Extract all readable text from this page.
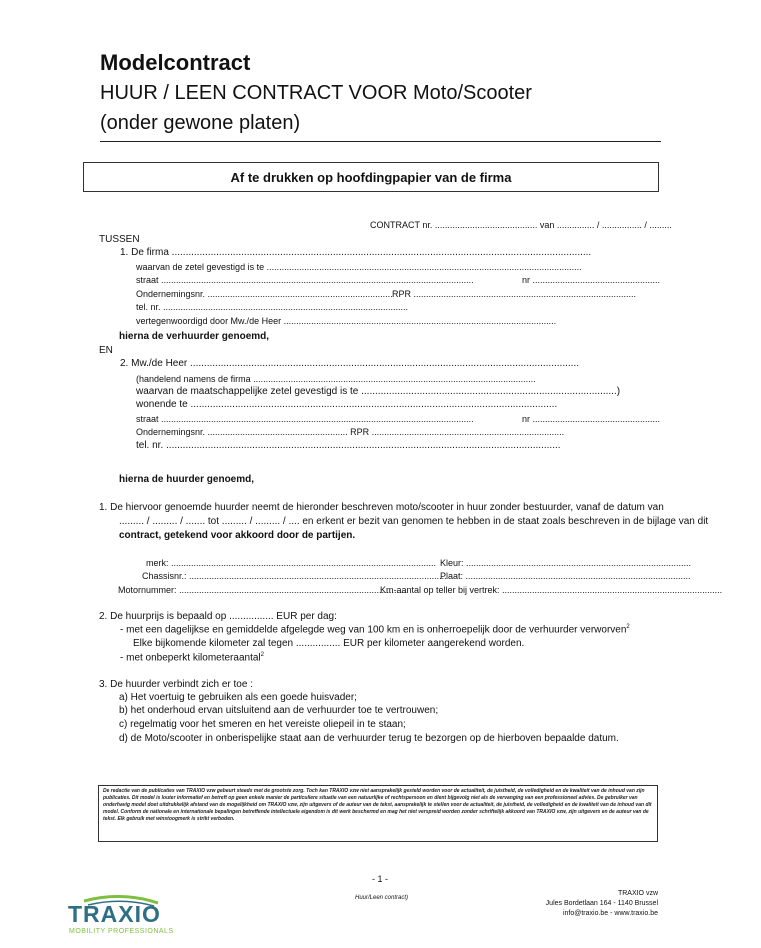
Modelcontract
HUUR / LEEN CONTRACT VOOR Moto/Scooter
(onder gewone platen)
Af te drukken op hoofdingpapier van de firma
CONTRACT nr. ......................................... van ............... / ................ / .........
TUSSEN
1. De firma .......................................................................................................................................................
waarvan de zetel gevestigd is te ..............................................................................................................................
straat .............................................................................................................................	nr ...................................................
Ondernemingsnr. .......................................................................... RPR .........................................................................................
tel. nr. ..................................................................................................
vertegenwoordigd door Mw./de Heer .............................................................................................................
hierna de verhuurder genoemd,
EN
2. Mw./de Heer ............................................................................................................................................
(handelend namens de firma .................................................................................................................
waarvan de maatschappelijke zetel gevestigd is te ............................................................................................)
wonende te ....................................................................................................................................
straat .............................................................................................................................	nr ...................................................
Ondernemingsnr. ........................................................ RPR .............................................................................
tel. nr. ..............................................................................................................................................
hierna de huurder genoemd,
1. De hiervoor genoemde huurder neemt de hieronder beschreven moto/scooter in huur zonder bestuurder, vanaf de datum van
......... / ......... / ....... tot ......... / ......... / .... en erkent er bezit van genomen te hebben in de staat zoals beschreven in de bijlage van dit
contract, getekend voor akkoord door de partijen.
merk: .......................................................................................................... Kleur: ..........................................................................................
Chassisnr.: .......................................................................................................
Plaat: ..........................................................................................
Motornummer: ...........................................................................................
Km-aantal op teller bij vertrek: ........................................................................................
2. De huurprijs is bepaald op ................ EUR per dag:
- met een dagelijkse en gemiddelde afgelegde weg van 100 km en is onherroepelijk door de verhuurder verworven$^2$
Elke bijkomende kilometer zal tegen ................ EUR per kilometer aangerekend worden.
- met onbeperkt kilometeraantal$^2$
3. De huurder verbindt zich er toe :
a) Het voertuig te gebruiken als een goede huisvader;
b) het onderhoud ervan uitsluitend aan de verhuurder toe te vertrouwen;
c) regelmatig voor het smeren en het vereiste oliepeil in te staan;
d) de Moto/scooter in onberispelijke staat aan de verhuurder terug te bezorgen op de hierboven bepaalde datum.
De redactie van de publicaties van TRAXIO vzw gebeurt steeds met de grootste zorg. Toch kan TRAXIO vzw niet aansprakelijk gesteld worden voor de actualiteit, de juistheid, de volledigheid en de kwaliteit van de inhoud van zijn publicaties. Dit model is louter informatief en betreft op geen enkele manier de particuliere situatie van een natuurlijke of rechtspersoon en dient bijgevolg niet als de vervanging van een professioneel advies. De gebruiker van onderhavig model doet uitdrukkelijk afstand van de mogelijkheid om TRAXIO vzw, zijn uitgevers of de auteur van de tekst, aansprakelijk te stellen voor de actualiteit, de juistheid, de volledigheid en de kwaliteit van de inhoud van dit model. Conform de nationale en internationale bepalingen betreffende intellectuele eigendom is dit werk beschermd en mag het niet verspreid worden zonder schriftelijk akkoord van TRAXIO vzw, zijn uitgevers en de auteur van de tekst. Elk gebruik met winstoogmerk is strikt verboden.
- 1 -
Huur/Leen contract)
TRAXIO vzw
Jules Bordetlaan 164 - 1140 Brussel
info@traxio.be - www.traxio.be
TRAXIO
MOBILITY PROFESSIONALS
